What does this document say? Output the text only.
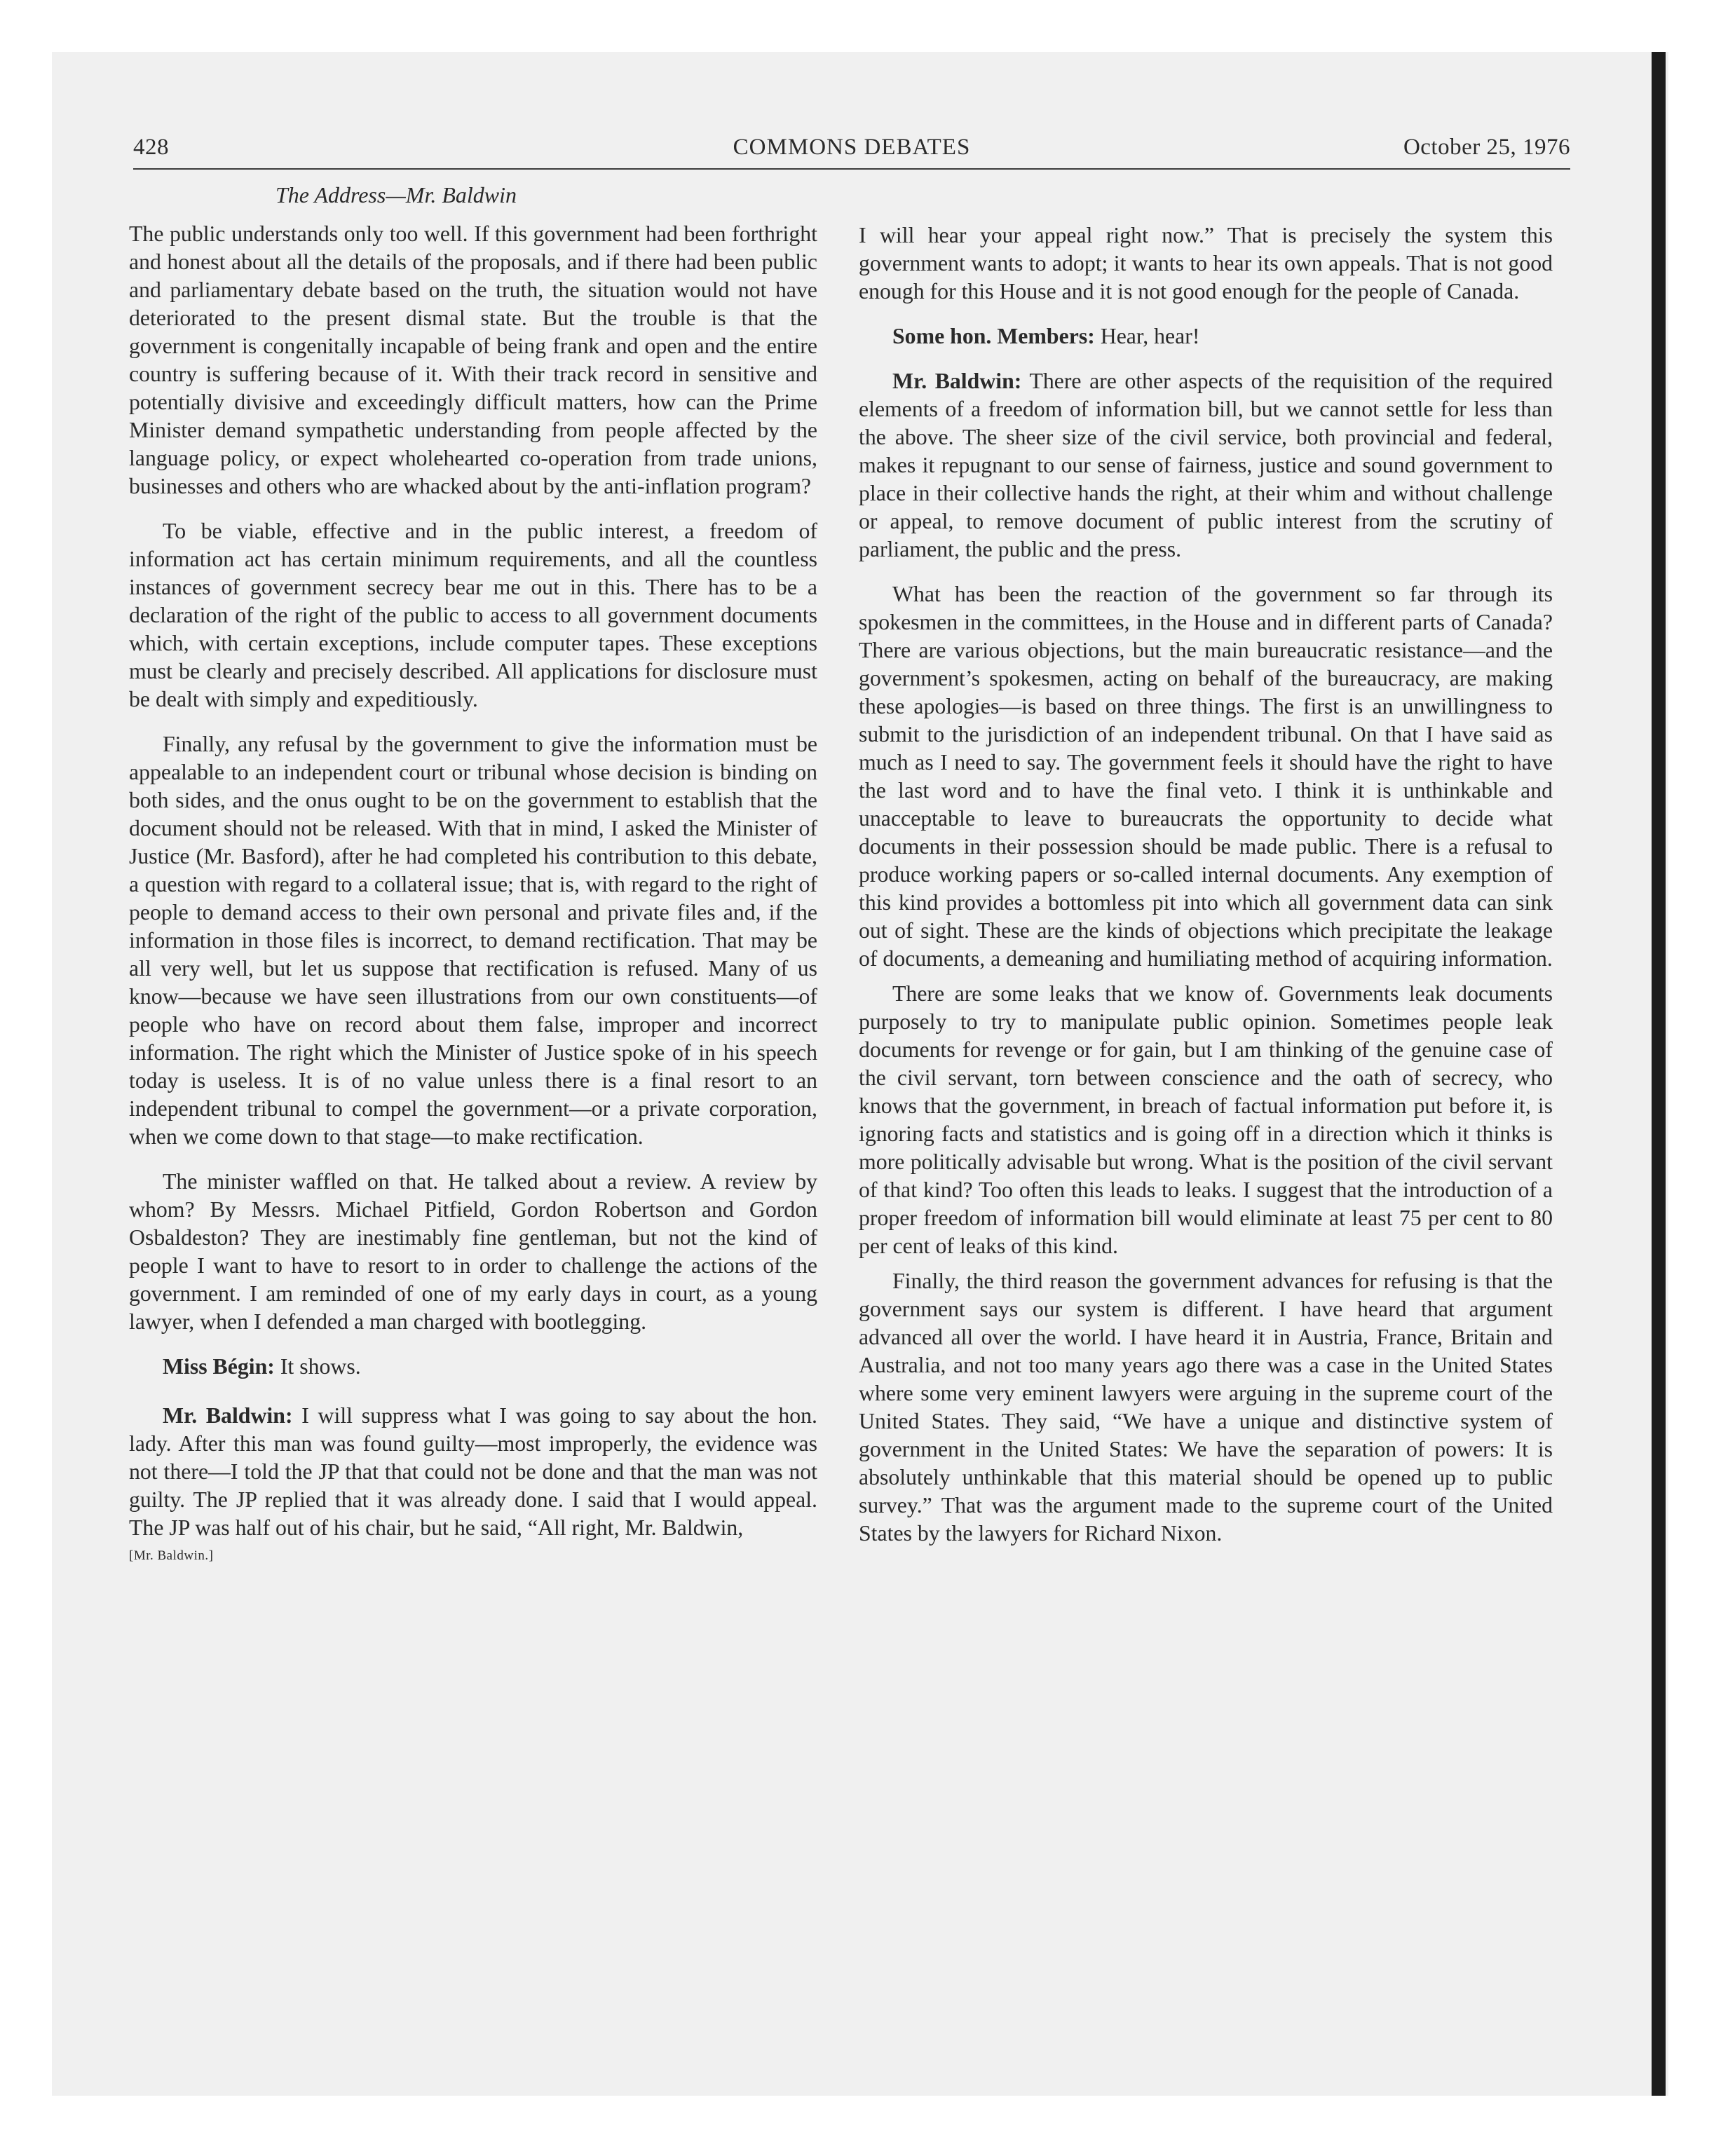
428	COMMONS DEBATES	October 25, 1976
The Address—Mr. Baldwin

The public understands only too well. If this government had been forthright and honest about all the details of the proposals, and if there had been public and parliamentary debate based on the truth, the situation would not have deteriorated to the present dismal state. But the trouble is that the government is congenitally incapable of being frank and open and the entire country is suffering because of it. With their track record in sensitive and potentially divisive and exceedingly difficult matters, how can the Prime Minister demand sympathetic understanding from people affected by the language policy, or expect wholehearted co-operation from trade unions, businesses and others who are whacked about by the anti-inflation program?

To be viable, effective and in the public interest, a freedom of information act has certain minimum requirements, and all the countless instances of government secrecy bear me out in this. There has to be a declaration of the right of the public to access to all government documents which, with certain exceptions, include computer tapes. These exceptions must be clearly and precisely described. All applications for disclosure must be dealt with simply and expeditiously.

Finally, any refusal by the government to give the information must be appealable to an independent court or tribunal whose decision is binding on both sides, and the onus ought to be on the government to establish that the document should not be released. With that in mind, I asked the Minister of Justice (Mr. Basford), after he had completed his contribution to this debate, a question with regard to a collateral issue; that is, with regard to the right of people to demand access to their own personal and private files and, if the information in those files is incorrect, to demand rectification. That may be all very well, but let us suppose that rectification is refused. Many of us know—because we have seen illustrations from our own constituents—of people who have on record about them false, improper and incorrect information. The right which the Minister of Justice spoke of in his speech today is useless. It is of no value unless there is a final resort to an independent tribunal to compel the government—or a private corporation, when we come down to that stage—to make rectification.

The minister waffled on that. He talked about a review. A review by whom? By Messrs. Michael Pitfield, Gordon Robertson and Gordon Osbaldeston? They are inestimably fine gentleman, but not the kind of people I want to have to resort to in order to challenge the actions of the government. I am reminded of one of my early days in court, as a young lawyer, when I defended a man charged with bootlegging.

Miss Bégin: It shows.

Mr. Baldwin: I will suppress what I was going to say about the hon. lady. After this man was found guilty—most improperly, the evidence was not there—I told the JP that that could not be done and that the man was not guilty. The JP replied that it was already done. I said that I would appeal. The JP was half out of his chair, but he said, “All right, Mr. Baldwin,

[Mr. Baldwin.]

I will hear your appeal right now.” That is precisely the system this government wants to adopt; it wants to hear its own appeals. That is not good enough for this House and it is not good enough for the people of Canada.

Some hon. Members: Hear, hear!

Mr. Baldwin: There are other aspects of the requisition of the required elements of a freedom of information bill, but we cannot settle for less than the above. The sheer size of the civil service, both provincial and federal, makes it repugnant to our sense of fairness, justice and sound government to place in their collective hands the right, at their whim and without challenge or appeal, to remove document of public interest from the scrutiny of parliament, the public and the press.

What has been the reaction of the government so far through its spokesmen in the committees, in the House and in different parts of Canada? There are various objections, but the main bureaucratic resistance—and the government’s spokesmen, acting on behalf of the bureaucracy, are making these apologies—is based on three things. The first is an unwillingness to submit to the jurisdiction of an independent tribunal. On that I have said as much as I need to say. The government feels it should have the right to have the last word and to have the final veto. I think it is unthinkable and unacceptable to leave to bureaucrats the opportunity to decide what documents in their possession should be made public. There is a refusal to produce working papers or so-called internal documents. Any exemption of this kind provides a bottomless pit into which all government data can sink out of sight. These are the kinds of objections which precipitate the leakage of documents, a demeaning and humiliating method of acquiring information.

There are some leaks that we know of. Governments leak documents purposely to try to manipulate public opinion. Sometimes people leak documents for revenge or for gain, but I am thinking of the genuine case of the civil servant, torn between conscience and the oath of secrecy, who knows that the government, in breach of factual information put before it, is ignoring facts and statistics and is going off in a direction which it thinks is more politically advisable but wrong. What is the position of the civil servant of that kind? Too often this leads to leaks. I suggest that the introduction of a proper freedom of information bill would eliminate at least 75 per cent to 80 per cent of leaks of this kind.

Finally, the third reason the government advances for refusing is that the government says our system is different. I have heard that argument advanced all over the world. I have heard it in Austria, France, Britain and Australia, and not too many years ago there was a case in the United States where some very eminent lawyers were arguing in the supreme court of the United States. They said, “We have a unique and distinctive system of government in the United States: We have the separation of powers: It is absolutely unthinkable that this material should be opened up to public survey.” That was the argument made to the supreme court of the United States by the lawyers for Richard Nixon.
